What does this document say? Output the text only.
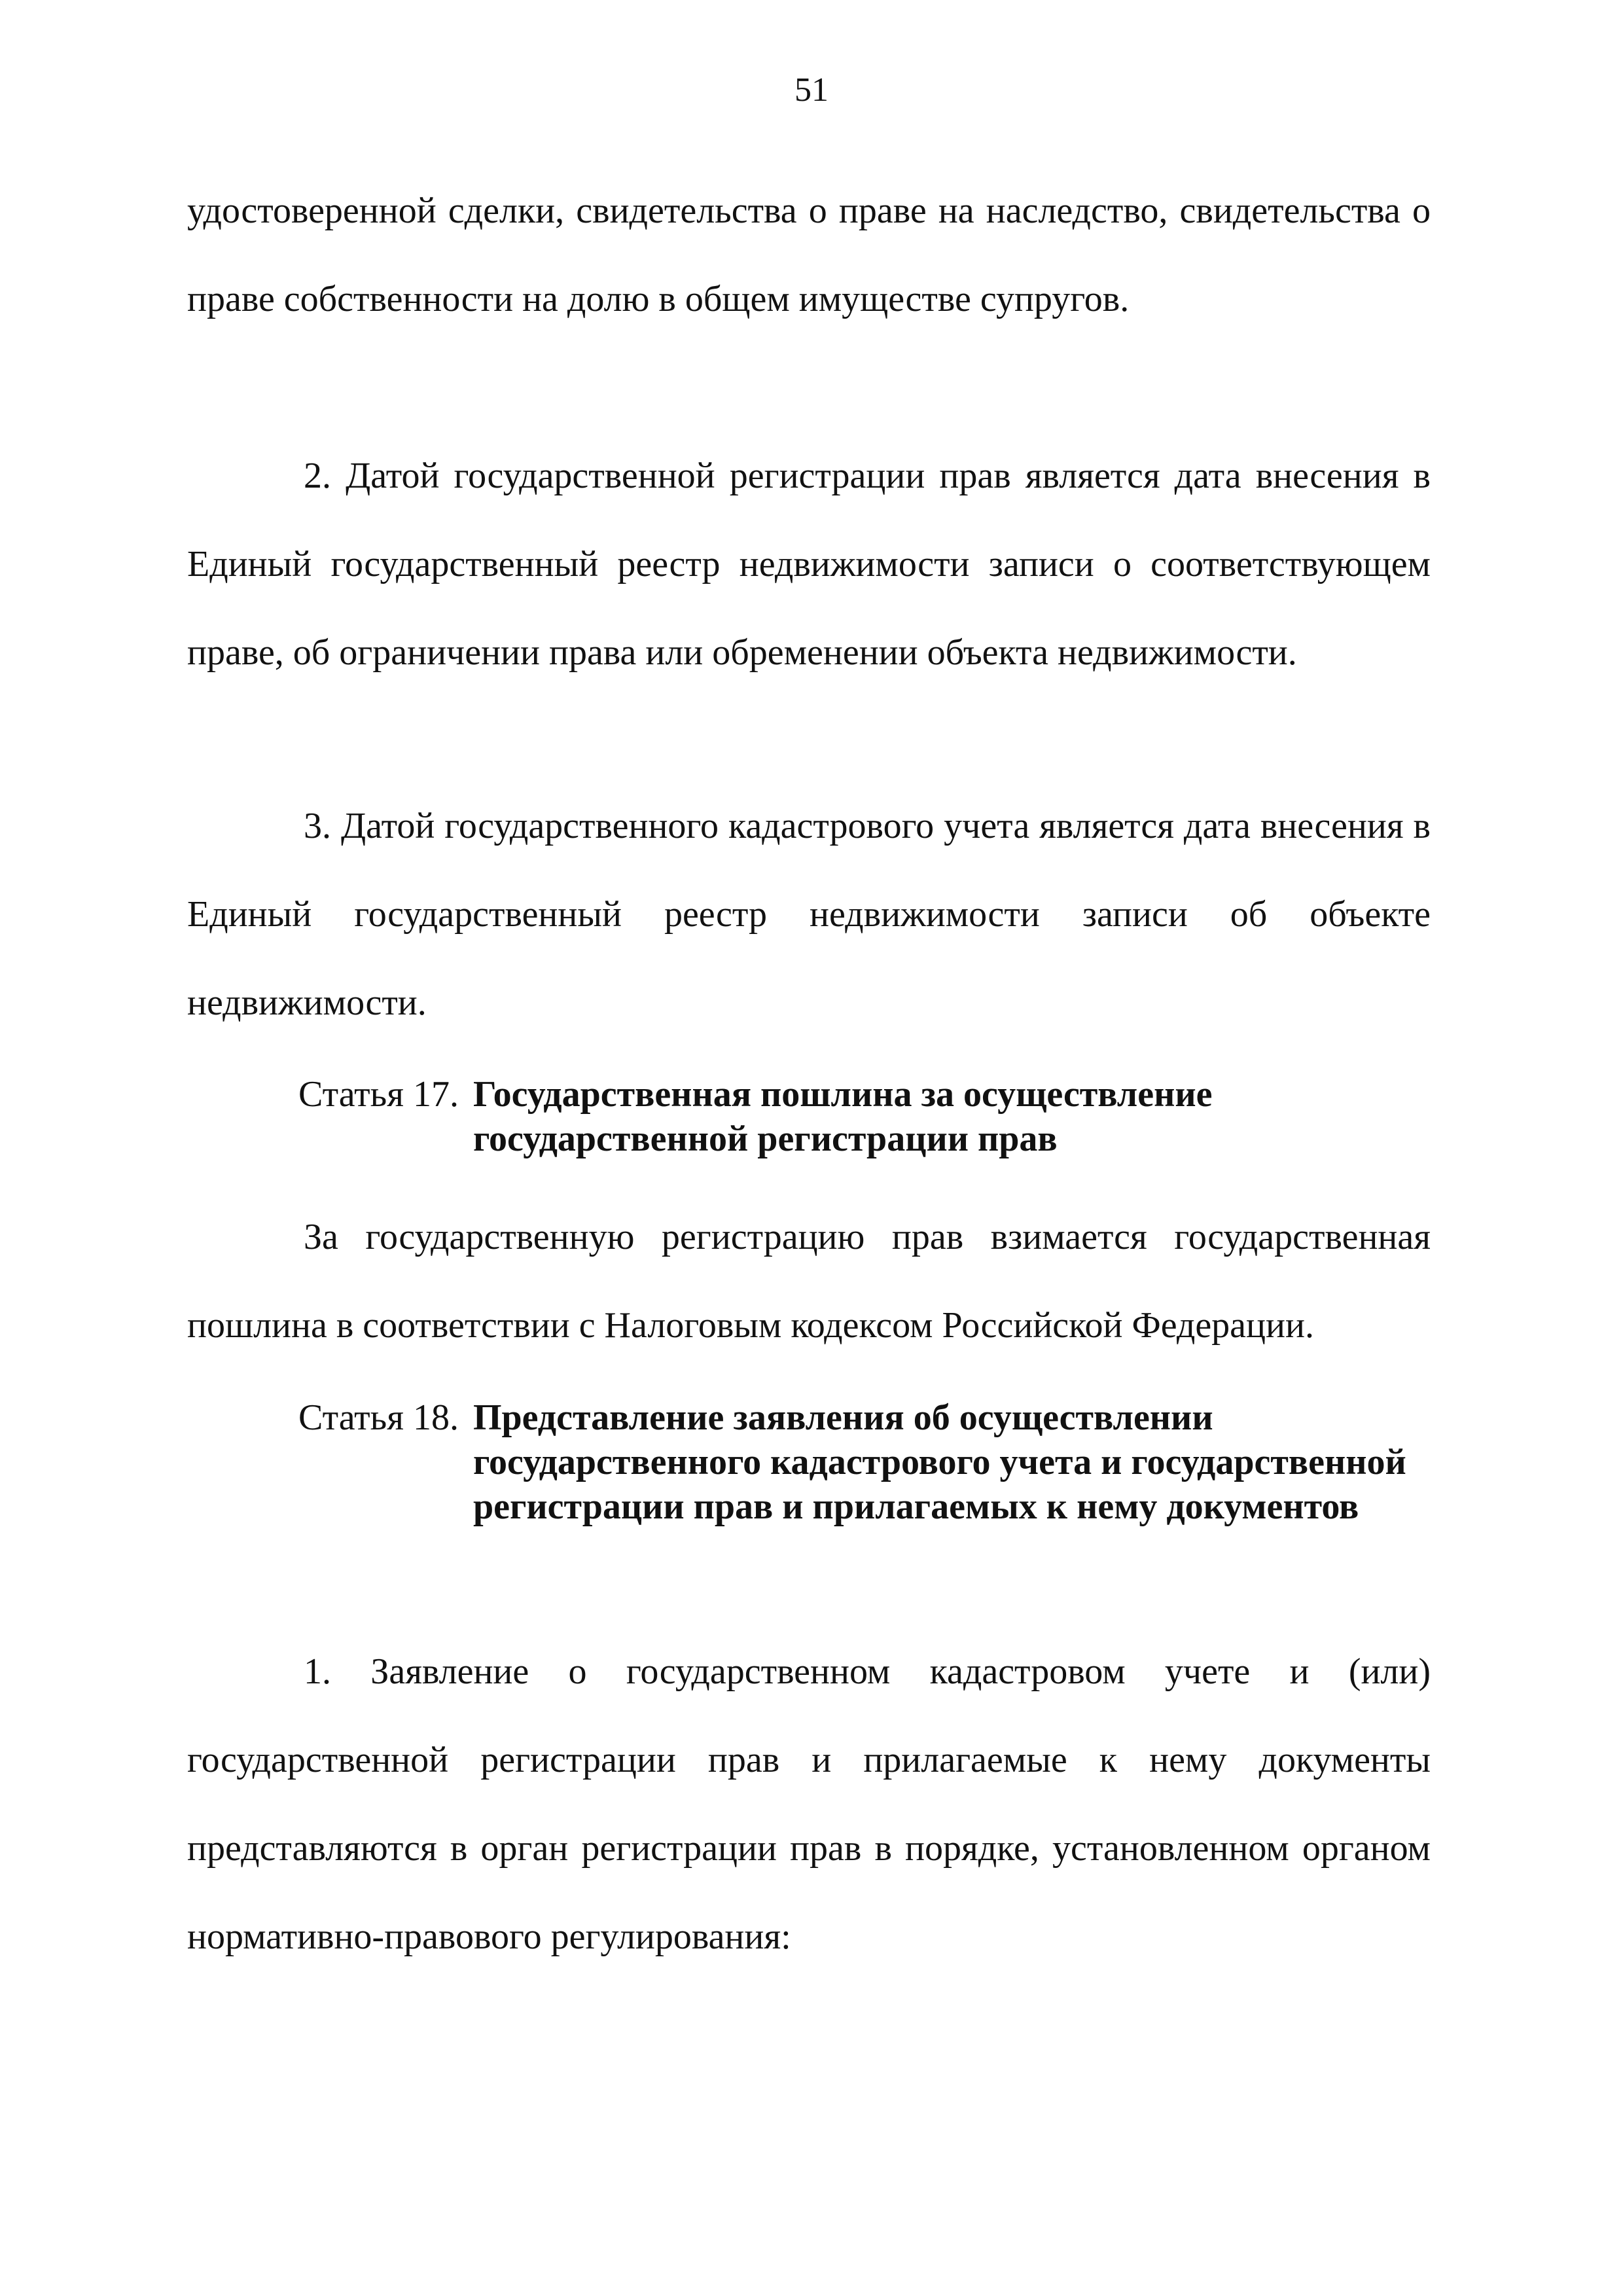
51

удостоверенной сделки, свидетельства о праве на наследство, свидетельства о праве собственности на долю в общем имуществе супругов.

2. Датой государственной регистрации прав является дата внесения в Единый государственный реестр недвижимости записи о соответствующем праве, об ограничении права или обременении объекта недвижимости.

3. Датой государственного кадастрового учета является дата внесения в Единый государственный реестр недвижимости записи об объекте недвижимости.

Статья 17. Государственная пошлина за осуществление государственной регистрации прав

За государственную регистрацию прав взимается государственная пошлина в соответствии с Налоговым кодексом Российской Федерации.

Статья 18. Представление заявления об осуществлении государственного кадастрового учета и государственной регистрации прав и прилагаемых к нему документов

1. Заявление о государственном кадастровом учете и (или) государственной регистрации прав и прилагаемые к нему документы представляются в орган регистрации прав в порядке, установленном органом нормативно-правового регулирования:
